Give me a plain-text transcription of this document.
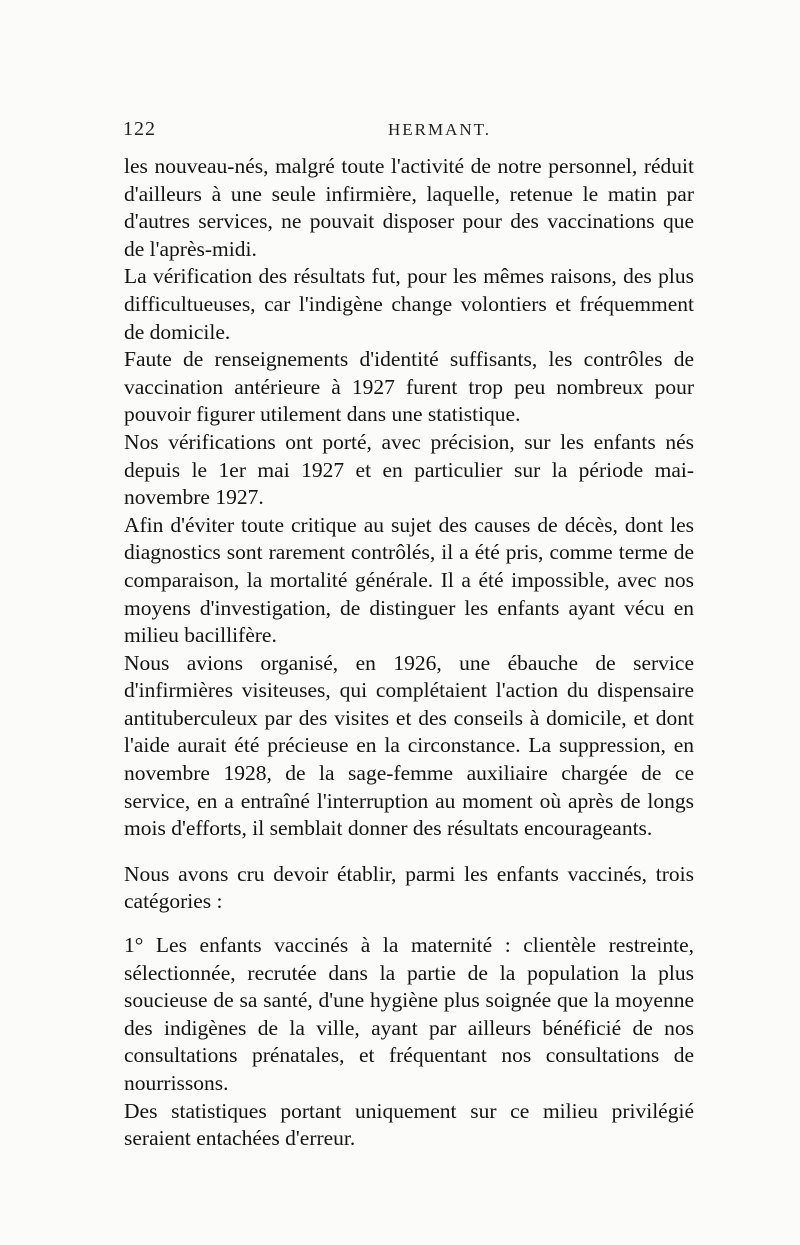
122	HERMANT.

les nouveau-nés, malgré toute l'activité de notre personnel, réduit d'ailleurs à une seule infirmière, laquelle, retenue le matin par d'autres services, ne pouvait disposer pour des vaccinations que de l'après-midi.

La vérification des résultats fut, pour les mêmes raisons, des plus difficultueuses, car l'indigène change volontiers et fréquemment de domicile.

Faute de renseignements d'identité suffisants, les contrôles de vaccination antérieure à 1927 furent trop peu nombreux pour pouvoir figurer utilement dans une statistique.

Nos vérifications ont porté, avec précision, sur les enfants nés depuis le 1er mai 1927 et en particulier sur la période mai-novembre 1927.

Afin d'éviter toute critique au sujet des causes de décès, dont les diagnostics sont rarement contrôlés, il a été pris, comme terme de comparaison, la mortalité générale. Il a été impossible, avec nos moyens d'investigation, de distinguer les enfants ayant vécu en milieu bacillifère.

Nous avions organisé, en 1926, une ébauche de service d'infirmières visiteuses, qui complétaient l'action du dispensaire antituberculeux par des visites et des conseils à domicile, et dont l'aide aurait été précieuse en la circonstance. La suppression, en novembre 1928, de la sage-femme auxiliaire chargée de ce service, en a entraîné l'interruption au moment où après de longs mois d'efforts, il semblait donner des résultats encourageants.

Nous avons cru devoir établir, parmi les enfants vaccinés, trois catégories :

1° Les enfants vaccinés à la maternité : clientèle restreinte, sélectionnée, recrutée dans la partie de la population la plus soucieuse de sa santé, d'une hygiène plus soignée que la moyenne des indigènes de la ville, ayant par ailleurs bénéficié de nos consultations prénatales, et fréquentant nos consultations de nourrissons.

Des statistiques portant uniquement sur ce milieu privilégié seraient entachées d'erreur.
